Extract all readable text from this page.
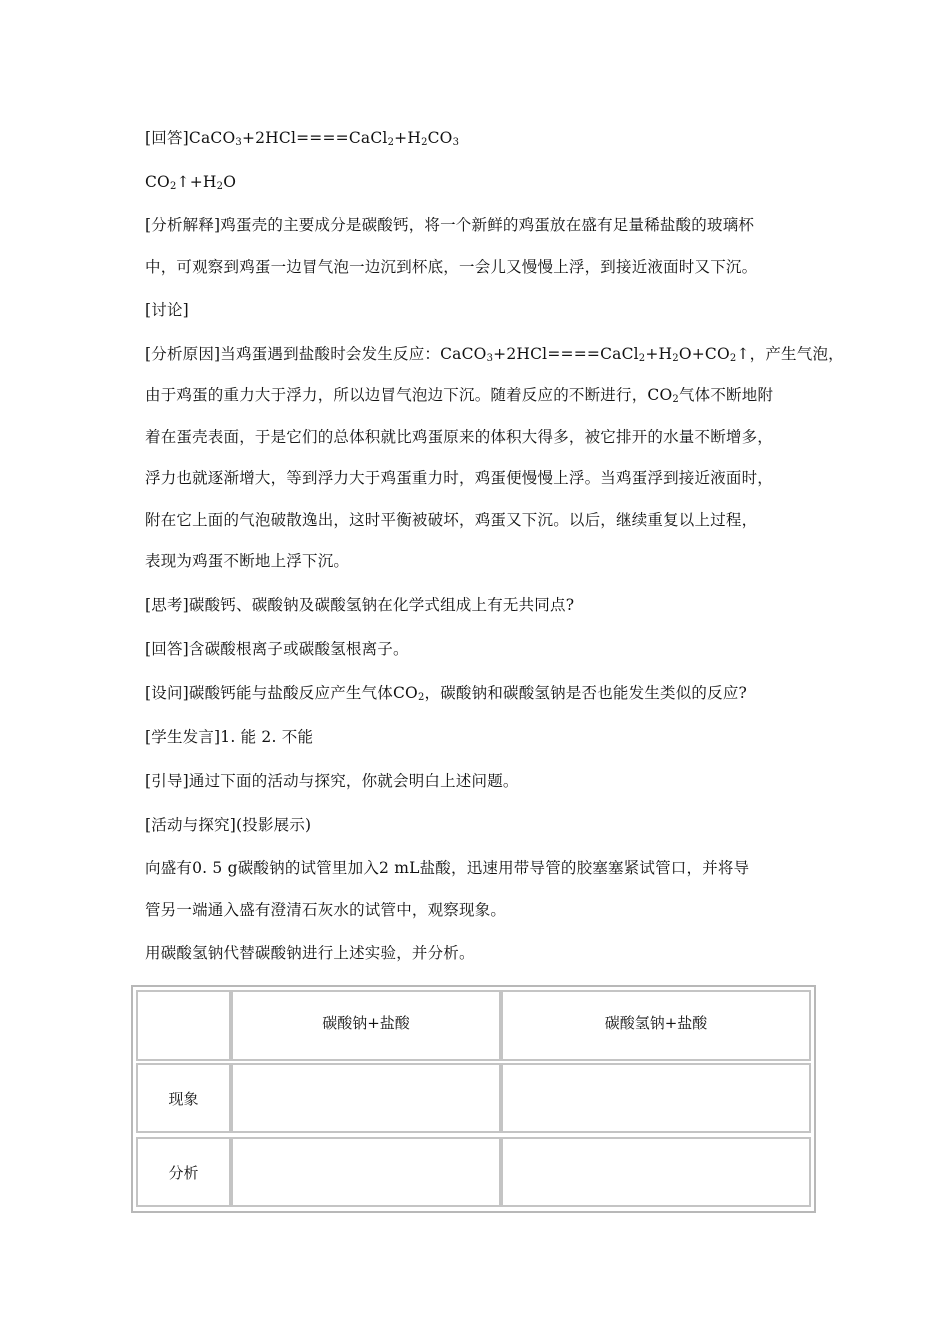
[回答]$CaCO_3+2HCl====CaCl_2+H_2CO_3$
$CO_2↑+H_2O$
[分析解释]鸡蛋壳的主要成分是碳酸钙，将一个新鲜的鸡蛋放在盛有足量稀盐酸的玻璃杯
中，可观察到鸡蛋一边冒气泡一边沉到杯底，一会儿又慢慢上浮，到接近液面时又下沉。
[讨论]
[分析原因]当鸡蛋遇到盐酸时会发生反应：$CaCO_3+2HCl====CaCl_2+H_2O+CO_2↑$，产生气泡，
由于鸡蛋的重力大于浮力，所以边冒气泡边下沉。随着反应的不断进行，$CO_2$气体不断地附
着在蛋壳表面，于是它们的总体积就比鸡蛋原来的体积大得多，被它排开的水量不断增多，
浮力也就逐渐增大，等到浮力大于鸡蛋重力时，鸡蛋便慢慢上浮。当鸡蛋浮到接近液面时，
附在它上面的气泡破散逸出，这时平衡被破坏，鸡蛋又下沉。以后，继续重复以上过程，
表现为鸡蛋不断地上浮下沉。
[思考]碳酸钙、碳酸钠及碳酸氢钠在化学式组成上有无共同点?
[回答]含碳酸根离子或碳酸氢根离子。
[设问]碳酸钙能与盐酸反应产生气体$CO_2$，碳酸钠和碳酸氢钠是否也能发生类似的反应?
[学生发言]1. 能 2. 不能
[引导]通过下面的活动与探究，你就会明白上述问题。
[活动与探究](投影展示)
向盛有0. 5 g碳酸钠的试管里加入2 mL盐酸，迅速用带导管的胶塞塞紧试管口，并将导
管另一端通入盛有澄清石灰水的试管中，观察现象。
用碳酸氢钠代替碳酸钠进行上述实验，并分析。
碳酸钠+盐酸	碳酸氢钠+盐酸
现象
分析
